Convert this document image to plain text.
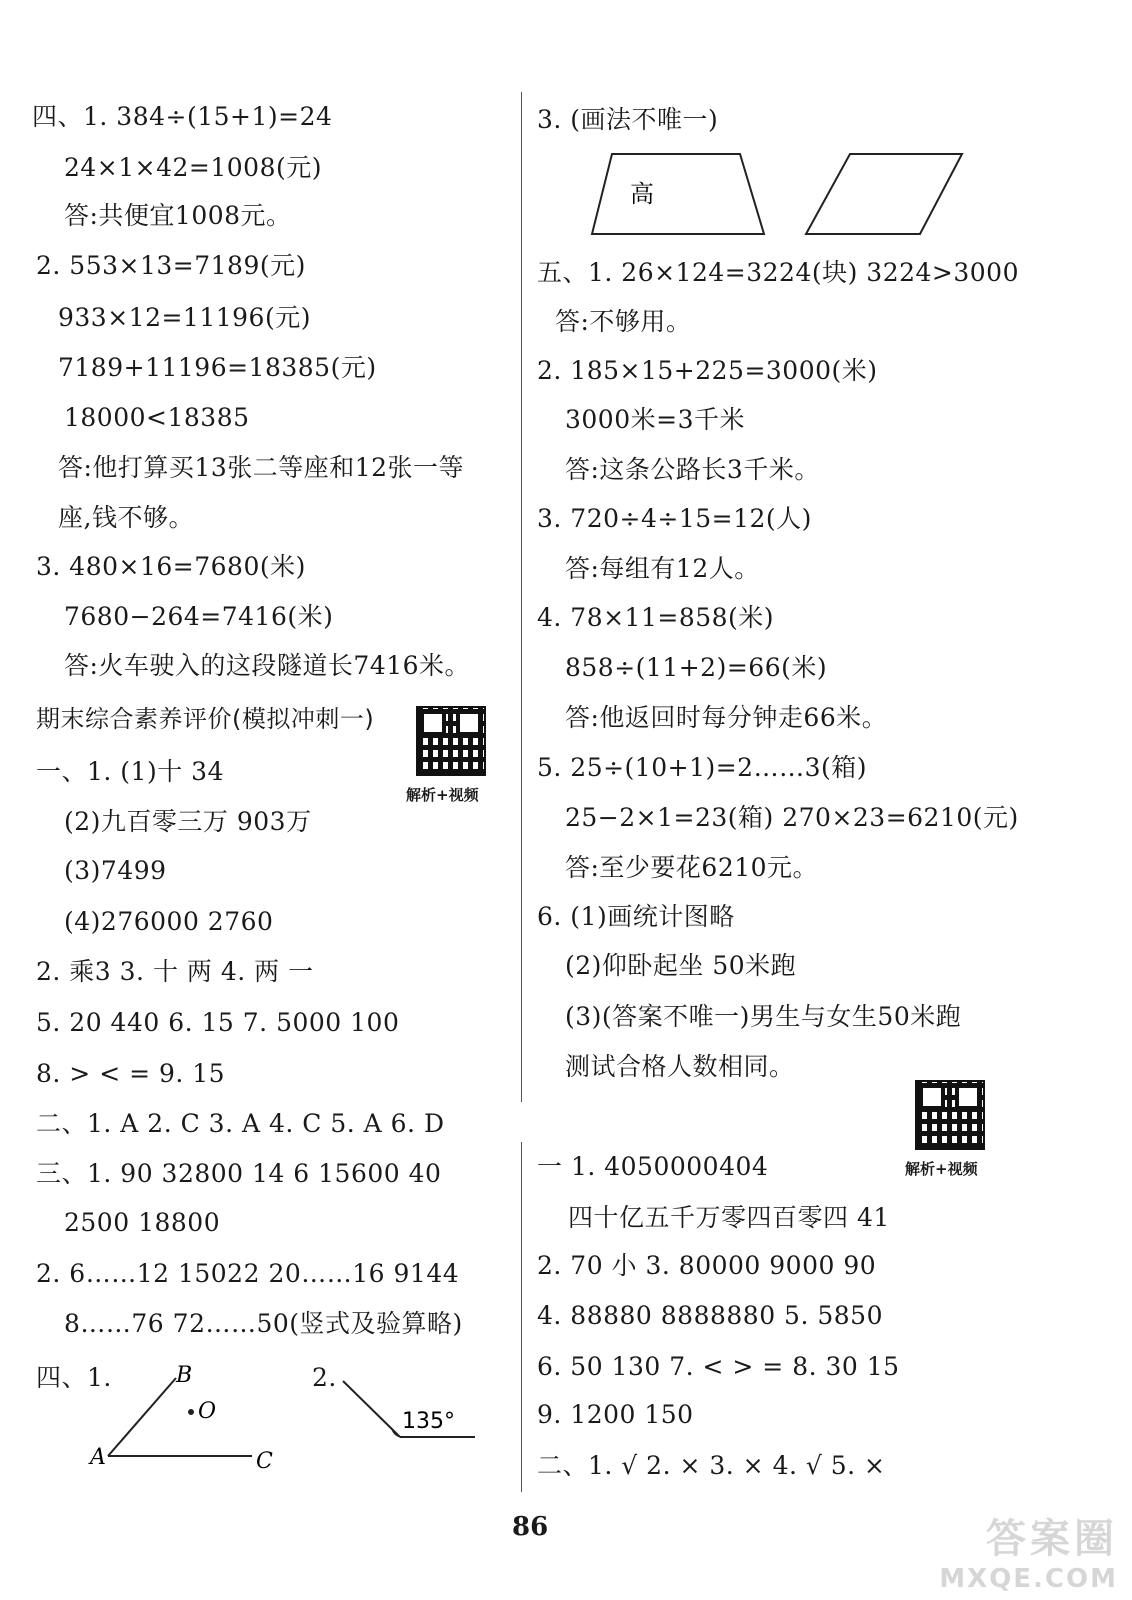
四、1. 384÷(15+1)=24
24×1×42=1008(元)
答:共便宜1008元。
2. 553×13=7189(元)
933×12=11196(元)
7189+11196=18385(元)
18000<18385
答:他打算买13张二等座和12张一等
座,钱不够。
3. 480×16=7680(米)
7680−264=7416(米)
答:火车驶入的这段隧道长7416米。
期末综合素养评价(模拟冲刺一)
解析+视频
一、1. (1)十 34
(2)九百零三万 903万
(3)7499
(4)276000 2760
2. 乘3 3. 十 两 4. 两 一
5. 20 440 6. 15 7. 5000 100
8. > < = 9. 15
二、1. A 2. C 3. A 4. C 5. A 6. D
三、1. 90 32800 14 6 15600 40
2500 18800
2. 6……12 15022 20……16 9144
8……76 72……50(竖式及验算略)
四、1.	B
O
A	C
2.
135°
3. (画法不唯一)
高
五、1. 26×124=3224(块) 3224>3000
答:不够用。
2. 185×15+225=3000(米)
3000米=3千米
答:这条公路长3千米。
3. 720÷4÷15=12(人)
答:每组有12人。
4. 78×11=858(米)
858÷(11+2)=66(米)
答:他返回时每分钟走66米。
5. 25÷(10+1)=2……3(箱)
25−2×1=23(箱) 270×23=6210(元)
答:至少要花6210元。
6. (1)画统计图略
(2)仰卧起坐 50米跑
(3)(答案不唯一)男生与女生50米跑
测试合格人数相同。
解析+视频
一 1. 4050000404
四十亿五千万零四百零四 41
2. 70 小 3. 80000 9000 90
4. 88880 8888880 5. 5850
6. 50 130 7. < > = 8. 30 15
9. 1200 150
二、1. √ 2. × 3. × 4. √ 5. ×
86	答案圈
MXQE.COM
